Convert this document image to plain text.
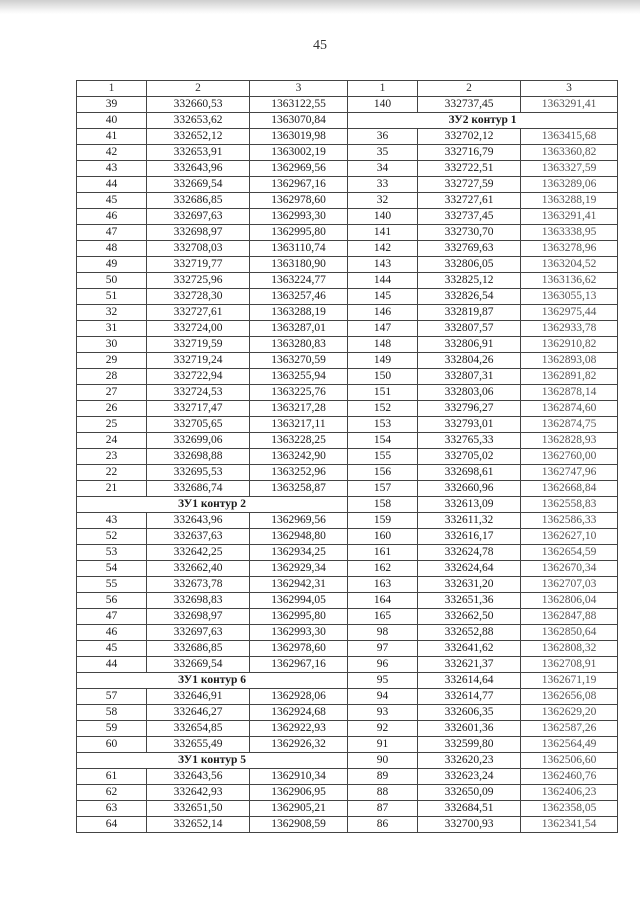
45
1	2	3	1	2	3
39	332660,53	1363122,55	140	332737,45	1363291,41
40	332653,62	1363070,84	ЗУ2 контур 1		
41	332652,12	1363019,98	36	332702,12	1363415,68
42	332653,91	1363002,19	35	332716,79	1363360,82
43	332643,96	1362969,56	34	332722,51	1363327,59
44	332669,54	1362967,16	33	332727,59	1363289,06
45	332686,85	1362978,60	32	332727,61	1363288,19
46	332697,63	1362993,30	140	332737,45	1363291,41
47	332698,97	1362995,80	141	332730,70	1363338,95
48	332708,03	1363110,74	142	332769,63	1363278,96
49	332719,77	1363180,90	143	332806,05	1363204,52
50	332725,96	1363224,77	144	332825,12	1363136,62
51	332728,30	1363257,46	145	332826,54	1363055,13
32	332727,61	1363288,19	146	332819,87	1362975,44
31	332724,00	1363287,01	147	332807,57	1362933,78
30	332719,59	1363280,83	148	332806,91	1362910,82
29	332719,24	1363270,59	149	332804,26	1362893,08
28	332722,94	1363255,94	150	332807,31	1362891,82
27	332724,53	1363225,76	151	332803,06	1362878,14
26	332717,47	1363217,28	152	332796,27	1362874,60
25	332705,65	1363217,11	153	332793,01	1362874,75
24	332699,06	1363228,25	154	332765,33	1362828,93
23	332698,88	1363242,90	155	332705,02	1362760,00
22	332695,53	1363252,96	156	332698,61	1362747,96
21	332686,74	1363258,87	157	332660,96	1362668,84
ЗУ1 контур 2			158	332613,09	1362558,83
43	332643,96	1362969,56	159	332611,32	1362586,33
52	332637,63	1362948,80	160	332616,17	1362627,10
53	332642,25	1362934,25	161	332624,78	1362654,59
54	332662,40	1362929,34	162	332624,64	1362670,34
55	332673,78	1362942,31	163	332631,20	1362707,03
56	332698,83	1362994,05	164	332651,36	1362806,04
47	332698,97	1362995,80	165	332662,50	1362847,88
46	332697,63	1362993,30	98	332652,88	1362850,64
45	332686,85	1362978,60	97	332641,62	1362808,32
44	332669,54	1362967,16	96	332621,37	1362708,91
ЗУ1 контур 6			95	332614,64	1362671,19
57	332646,91	1362928,06	94	332614,77	1362656,08
58	332646,27	1362924,68	93	332606,35	1362629,20
59	332654,85	1362922,93	92	332601,36	1362587,26
60	332655,49	1362926,32	91	332599,80	1362564,49
ЗУ1 контур 5			90	332620,23	1362506,60
61	332643,56	1362910,34	89	332623,24	1362460,76
62	332642,93	1362906,95	88	332650,09	1362406,23
63	332651,50	1362905,21	87	332684,51	1362358,05
64	332652,14	1362908,59	86	332700,93	1362341,54
